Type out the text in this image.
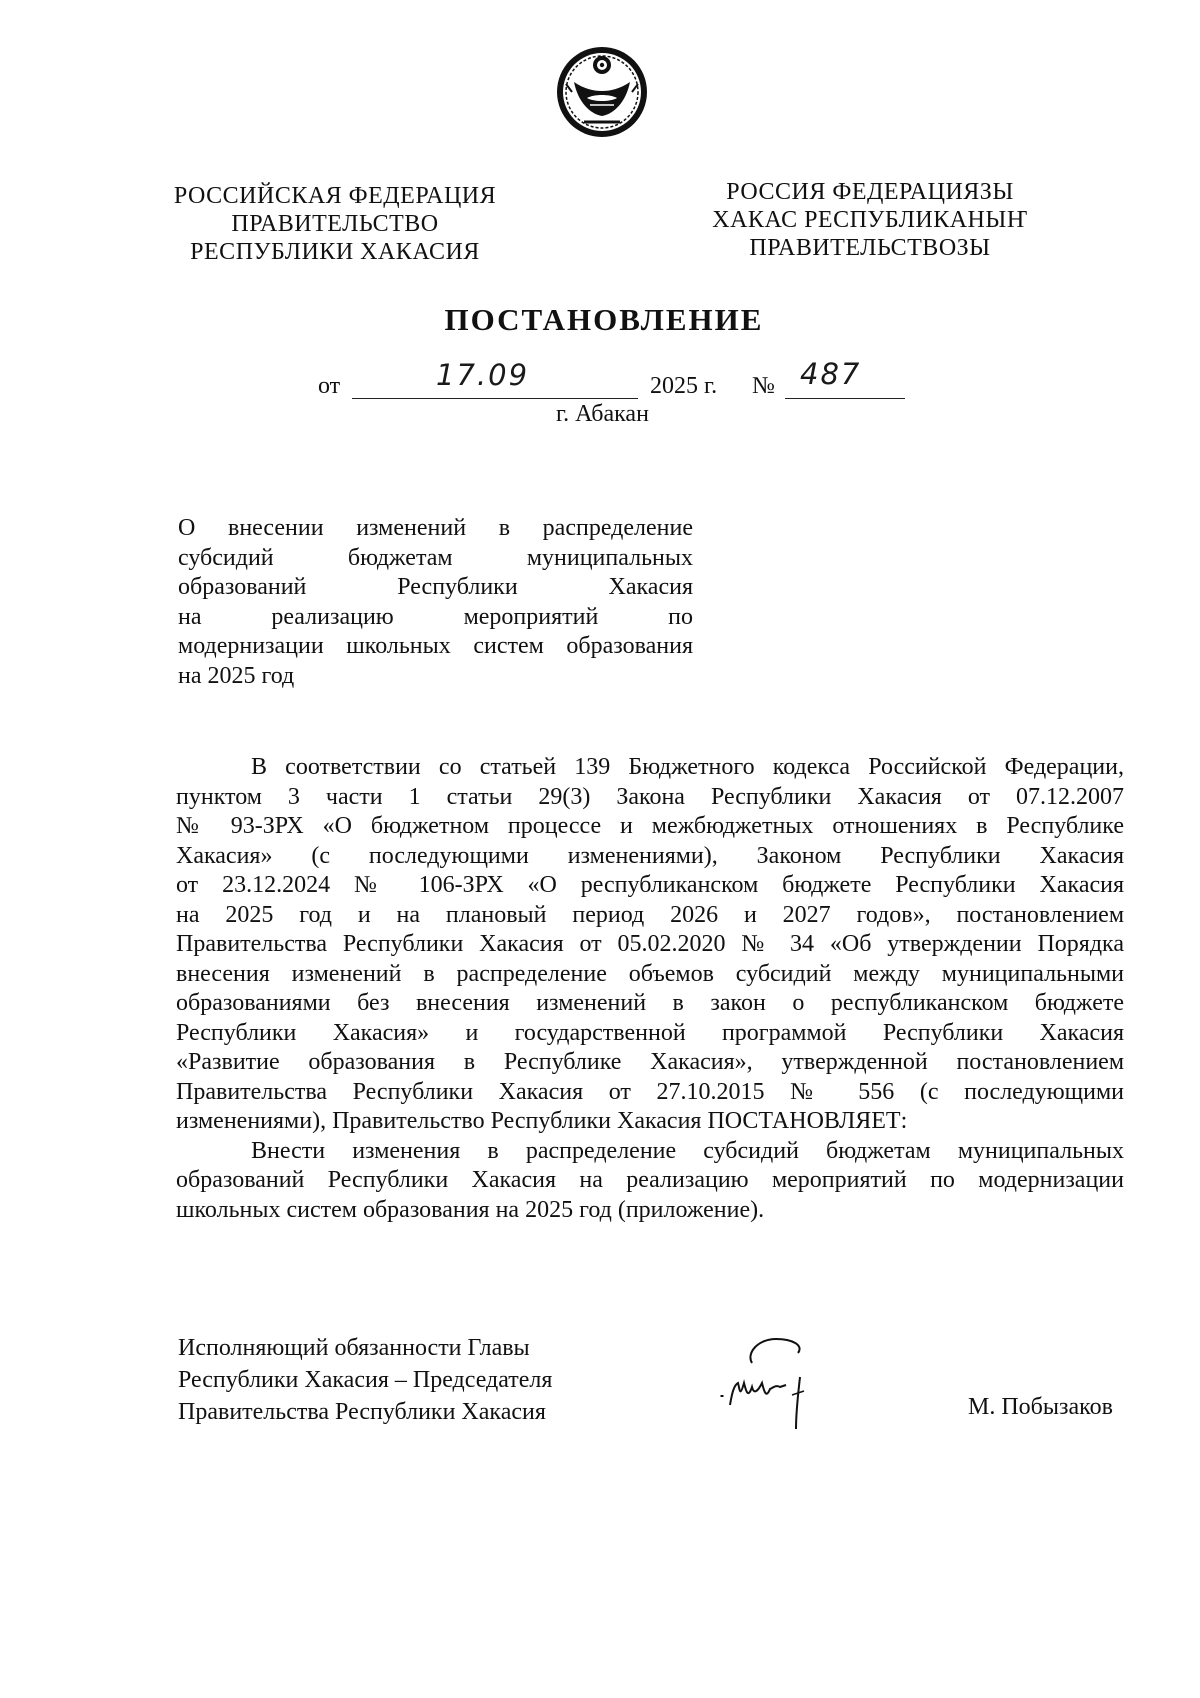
РОССИЙСКАЯ ФЕДЕРАЦИЯ
ПРАВИТЕЛЬСТВО
РЕСПУБЛИКИ ХАКАСИЯ
РОССИЯ ФЕДЕРАЦИЯЗЫ
ХАКАС РЕСПУБЛИКАНЫҤ
ПРАВИТЕЛЬСТВОЗЫ
ПОСТАНОВЛЕНИЕ
от	17.09	2025 г. № 487
г. Абакан
О внесении изменений в распределение
субсидий бюджетам муниципальных
образований Республики Хакасия
на реализацию мероприятий по
модернизации школьных систем образования
на 2025 год
В соответствии со статьей 139 Бюджетного кодекса Российской Федерации,
пунктом 3 части 1 статьи 29(3) Закона Республики Хакасия от 07.12.2007
№ 93-ЗРХ «О бюджетном процессе и межбюджетных отношениях в Республике
Хакасия» (с последующими изменениями), Законом Республики Хакасия
от 23.12.2024 № 106-ЗРХ «О республиканском бюджете Республики Хакасия
на 2025 год и на плановый период 2026 и 2027 годов», постановлением
Правительства Республики Хакасия от 05.02.2020 № 34 «Об утверждении Порядка
внесения изменений в распределение объемов субсидий между муниципальными
образованиями без внесения изменений в закон о республиканском бюджете
Республики Хакасия» и государственной программой Республики Хакасия
«Развитие образования в Республике Хакасия», утвержденной постановлением
Правительства Республики Хакасия от 27.10.2015 № 556 (с последующими
изменениями), Правительство Республики Хакасия ПОСТАНОВЛЯЕТ:
Внести изменения в распределение субсидий бюджетам муниципальных
образований Республики Хакасия на реализацию мероприятий по модернизации
школьных систем образования на 2025 год (приложение).
Исполняющий обязанности Главы
Республики Хакасия – Председателя
Правительства Республики Хакасия	М. Побызаков
